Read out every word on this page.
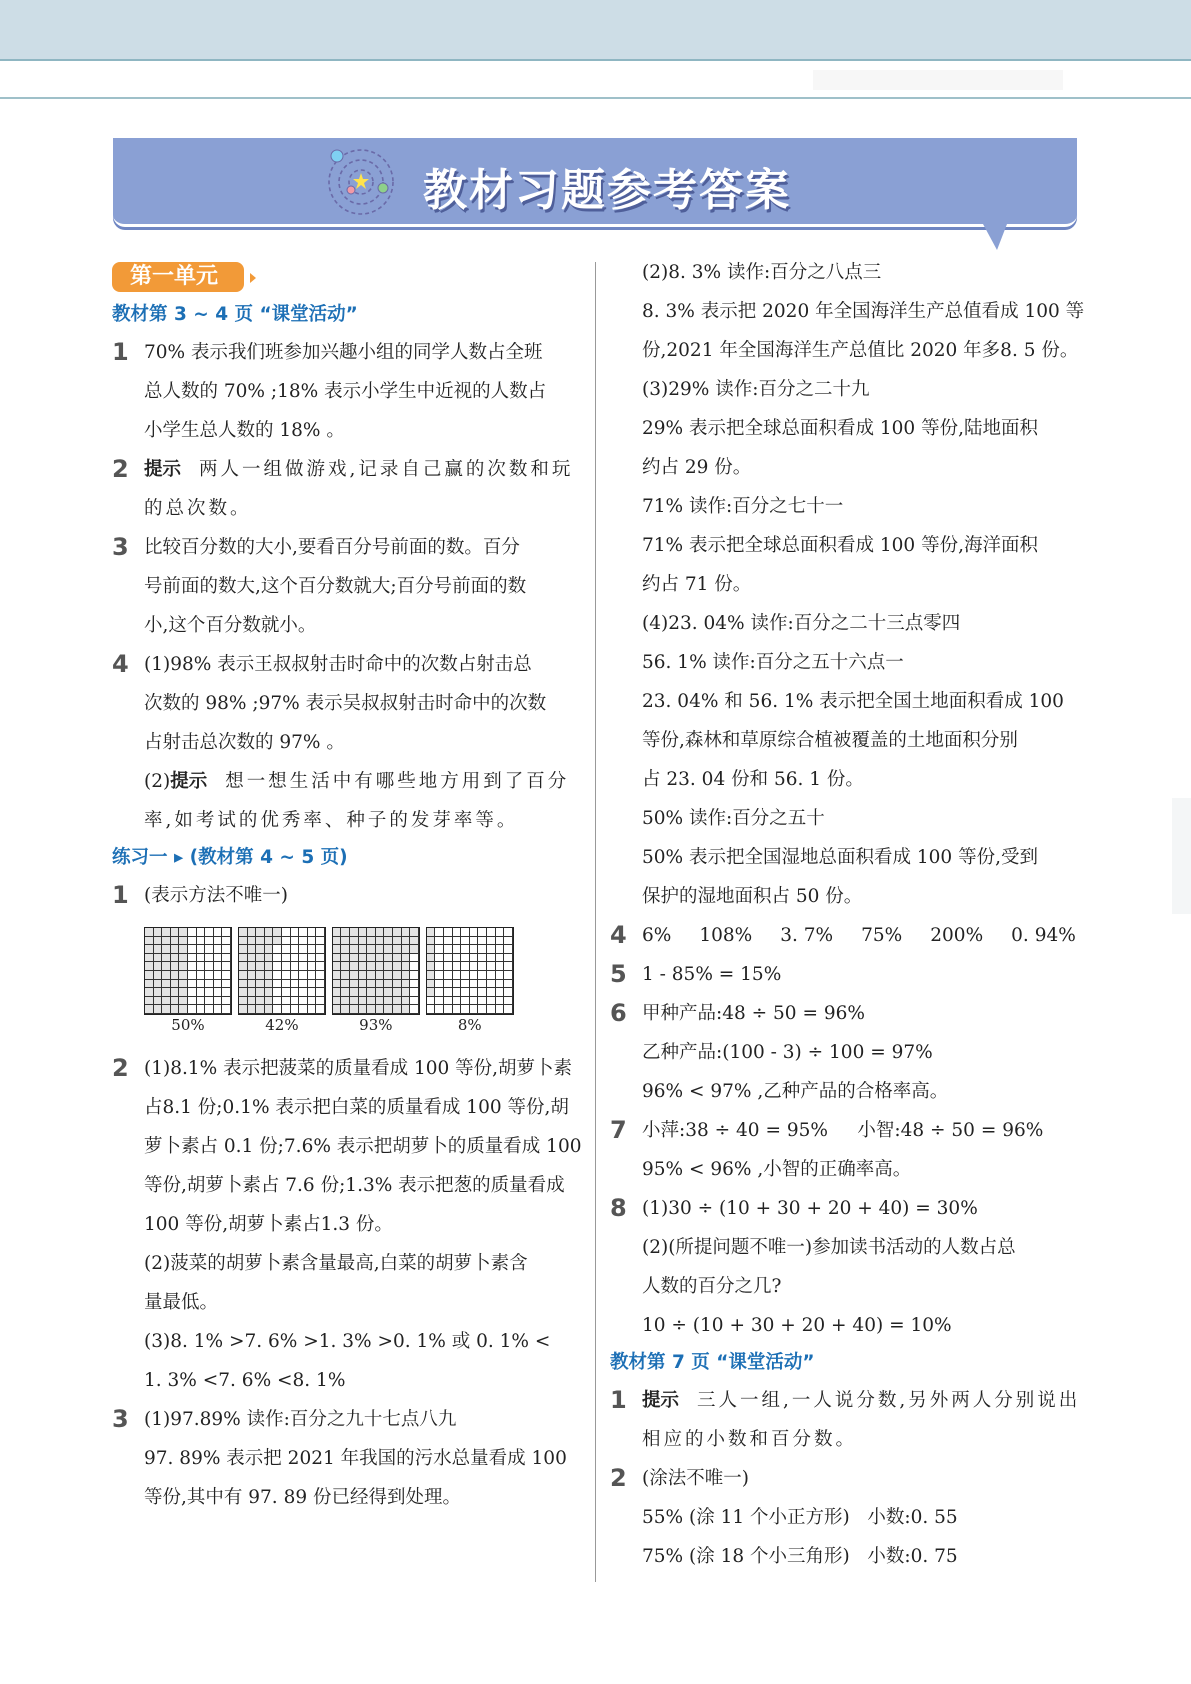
教材习题参考答案
第一单元
教材第 3 ~ 4 页 “课堂活动”
1 70% 表示我们班参加兴趣小组的同学人数占全班
总人数的 70% ;18% 表示小学生中近视的人数占
小学生总人数的 18% 。
2 提示 两人一组做游戏,记录自己赢的次数和玩
的总次数。
3 比较百分数的大小,要看百分号前面的数。百分
号前面的数大,这个百分数就大;百分号前面的数
小,这个百分数就小。
4 (1)98% 表示王叔叔射击时命中的次数占射击总
次数的 98% ;97% 表示吴叔叔射击时命中的次数
占射击总次数的 97% 。
(2)提示 想一想生活中有哪些地方用到了百分
率,如考试的优秀率、种子的发芽率等。
练习一 ▸ (教材第 4 ~ 5 页)
1 (表示方法不唯一)
50%	42%	93%	8%
2 (1)8.1% 表示把菠菜的质量看成 100 等份,胡萝卜素
占8.1 份;0.1% 表示把白菜的质量看成 100 等份,胡
萝卜素占 0.1 份;7.6% 表示把胡萝卜的质量看成 100
等份,胡萝卜素占 7.6 份;1.3% 表示把葱的质量看成
100 等份,胡萝卜素占1.3 份。
(2)菠菜的胡萝卜素含量最高,白菜的胡萝卜素含
量最低。
(3)8. 1% >7. 6% >1. 3% >0. 1% 或 0. 1% <
1. 3% <7. 6% <8. 1%
3 (1)97.89% 读作:百分之九十七点八九
97. 89% 表示把 2021 年我国的污水总量看成 100
等份,其中有 97. 89 份已经得到处理。
(2)8. 3% 读作:百分之八点三
8. 3% 表示把 2020 年全国海洋生产总值看成 100 等
份,2021 年全国海洋生产总值比 2020 年多8. 5 份。
(3)29% 读作:百分之二十九
29% 表示把全球总面积看成 100 等份,陆地面积
约占 29 份。
71% 读作:百分之七十一
71% 表示把全球总面积看成 100 等份,海洋面积
约占 71 份。
(4)23. 04% 读作:百分之二十三点零四
56. 1% 读作:百分之五十六点一
23. 04% 和 56. 1% 表示把全国土地面积看成 100
等份,森林和草原综合植被覆盖的土地面积分别
占 23. 04 份和 56. 1 份。
50% 读作:百分之五十
50% 表示把全国湿地总面积看成 100 等份,受到
保护的湿地面积占 50 份。
4 6% 108% 3. 7% 75% 200% 0. 94%
5 1 - 85% = 15%
6 甲种产品:48 ÷ 50 = 96%
乙种产品:(100 - 3) ÷ 100 = 97%
96% < 97% ,乙种产品的合格率高。
7 小萍:38 ÷ 40 = 95%     小智:48 ÷ 50 = 96%
95% < 96% ,小智的正确率高。
8 (1)30 ÷ (10 + 30 + 20 + 40) = 30%
(2)(所提问题不唯一)参加读书活动的人数占总
人数的百分之几?
10 ÷ (10 + 30 + 20 + 40) = 10%
教材第 7 页 “课堂活动”
1 提示 三人一组,一人说分数,另外两人分别说出
相应的小数和百分数。
2 (涂法不唯一)
55% (涂 11 个小正方形)   小数:0. 55
75% (涂 18 个小三角形)   小数:0. 75
